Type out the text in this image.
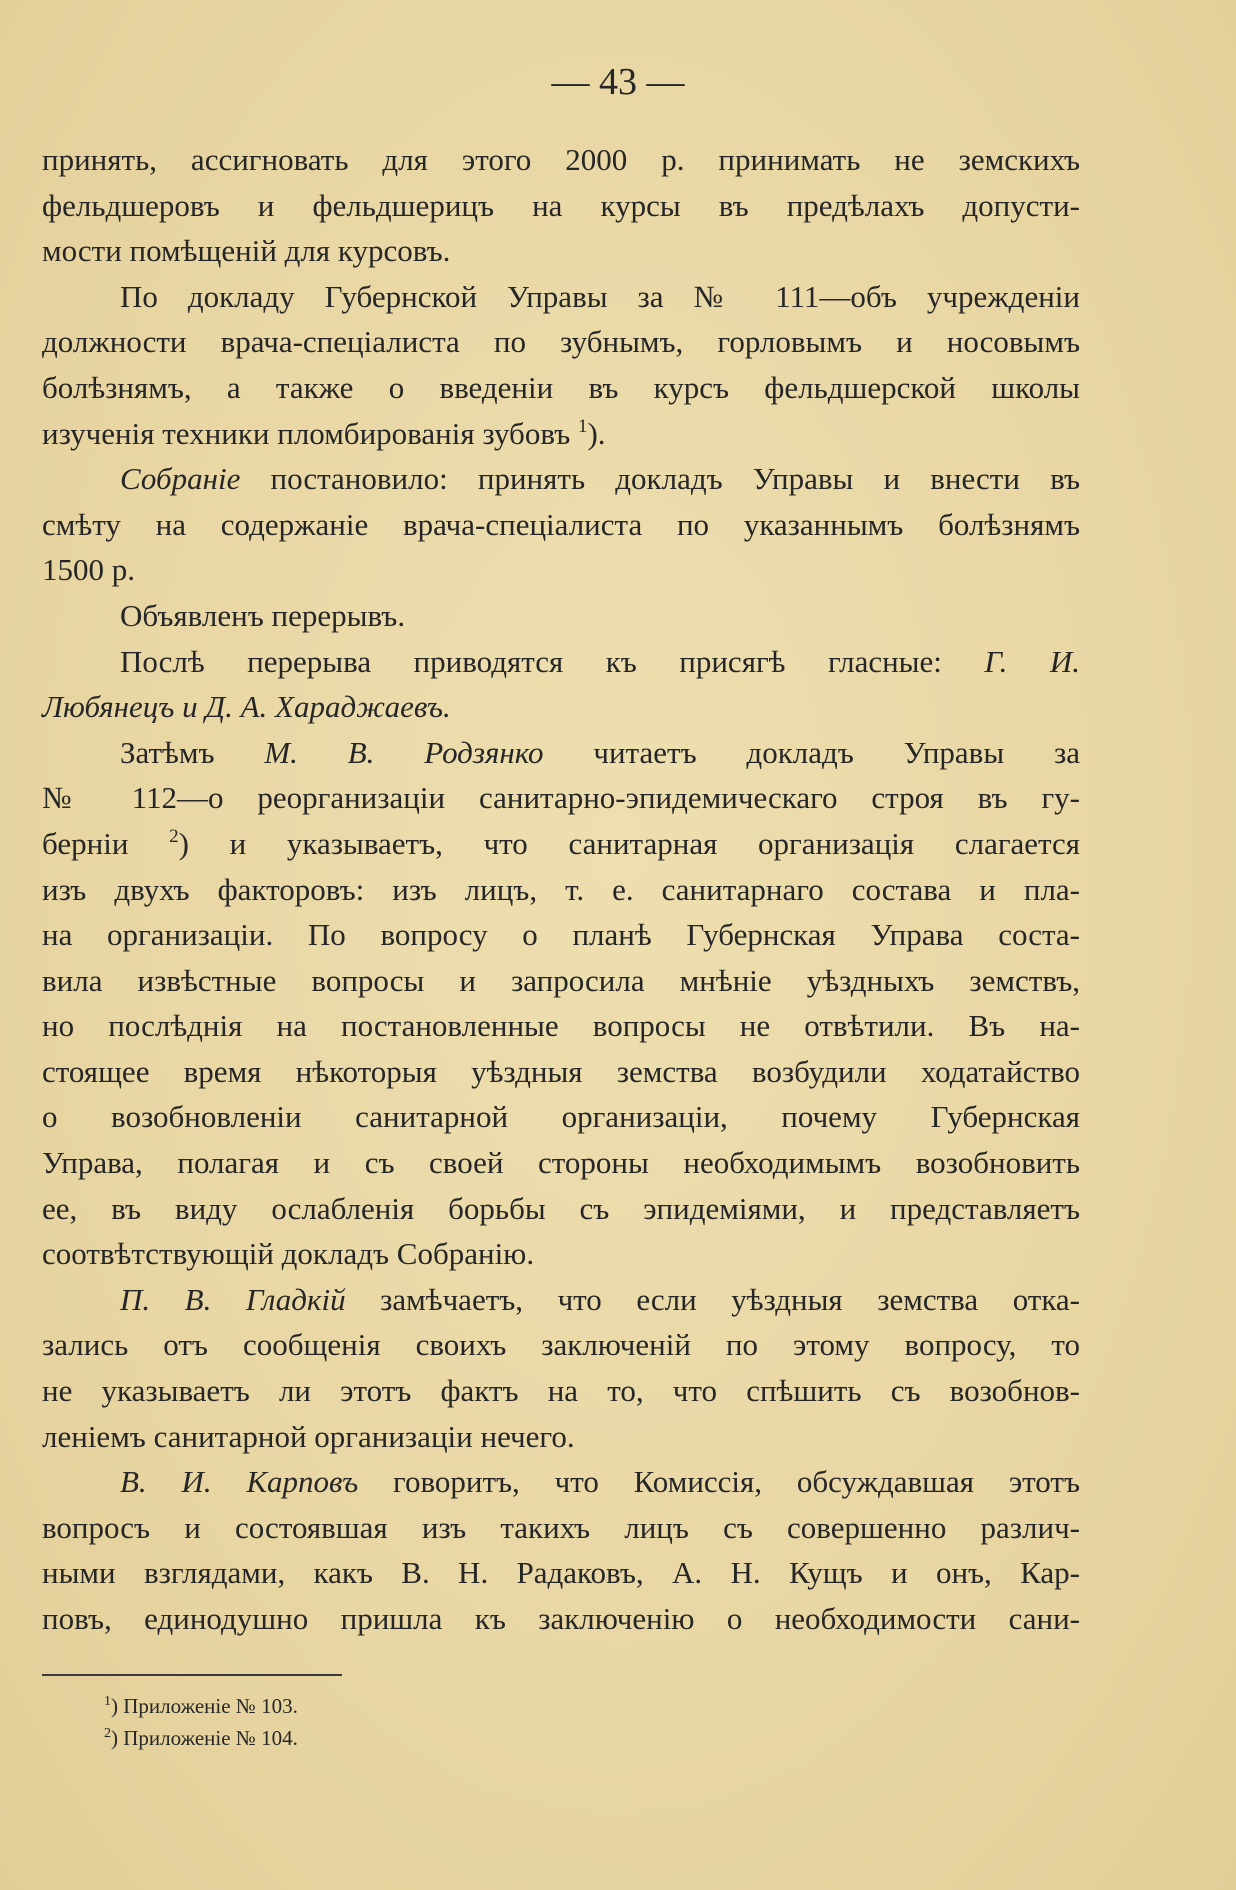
— 43 —
принять, ассигновать для этого 2000 р. принимать не земскихъ
фельдшеровъ и фельдшерицъ на курсы въ предѣлахъ допусти-
мости помѣщеній для курсовъ.
По докладу Губернской Управы за № 111—объ учрежденіи
должности врача-спеціалиста по зубнымъ, горловымъ и носовымъ
болѣзнямъ, а также о введеніи въ курсъ фельдшерской школы
изученія техники пломбированія зубовъ $^1$).
Собраніе постановило: принять докладъ Управы и внести въ
смѣту на содержаніе врача-спеціалиста по указаннымъ болѣзнямъ
1500 р.
Объявленъ перерывъ.
Послѣ перерыва приводятся къ присягѣ гласные: Г. И.
Любянецъ и Д. А. Хараджаевъ.
Затѣмъ М. В. Родзянко читаетъ докладъ Управы за
№ 112—о реорганизаціи санитарно-эпидемическаго строя въ гу-
берніи $^2$) и указываетъ, что санитарная организація слагается
изъ двухъ факторовъ: изъ лицъ, т. е. санитарнаго состава и пла-
на организаціи. По вопросу о планѣ Губернская Управа соста-
вила извѣстные вопросы и запросила мнѣніе уѣздныхъ земствъ,
но послѣднія на постановленные вопросы не отвѣтили. Въ на-
стоящее время нѣкоторыя уѣздныя земства возбудили ходатайство
о возобновленіи санитарной организаціи, почему Губернская
Управа, полагая и съ своей стороны необходимымъ возобновить
ее, въ виду ослабленія борьбы съ эпидеміями, и представляетъ
соотвѣтствующій докладъ Собранію.
П. В. Гладкій замѣчаетъ, что если уѣздныя земства отка-
зались отъ сообщенія своихъ заключеній по этому вопросу, то
не указываетъ ли этотъ фактъ на то, что спѣшить съ возобнов-
леніемъ санитарной организаціи нечего.
В. И. Карповъ говоритъ, что Комиссія, обсуждавшая этотъ
вопросъ и состоявшая изъ такихъ лицъ съ совершенно различ-
ными взглядами, какъ В. Н. Радаковъ, А. Н. Кущъ и онъ, Кар-
повъ, единодушно пришла къ заключенію о необходимости сани-
$^1$) Приложеніе № 103.
$^2$) Приложеніе № 104.
